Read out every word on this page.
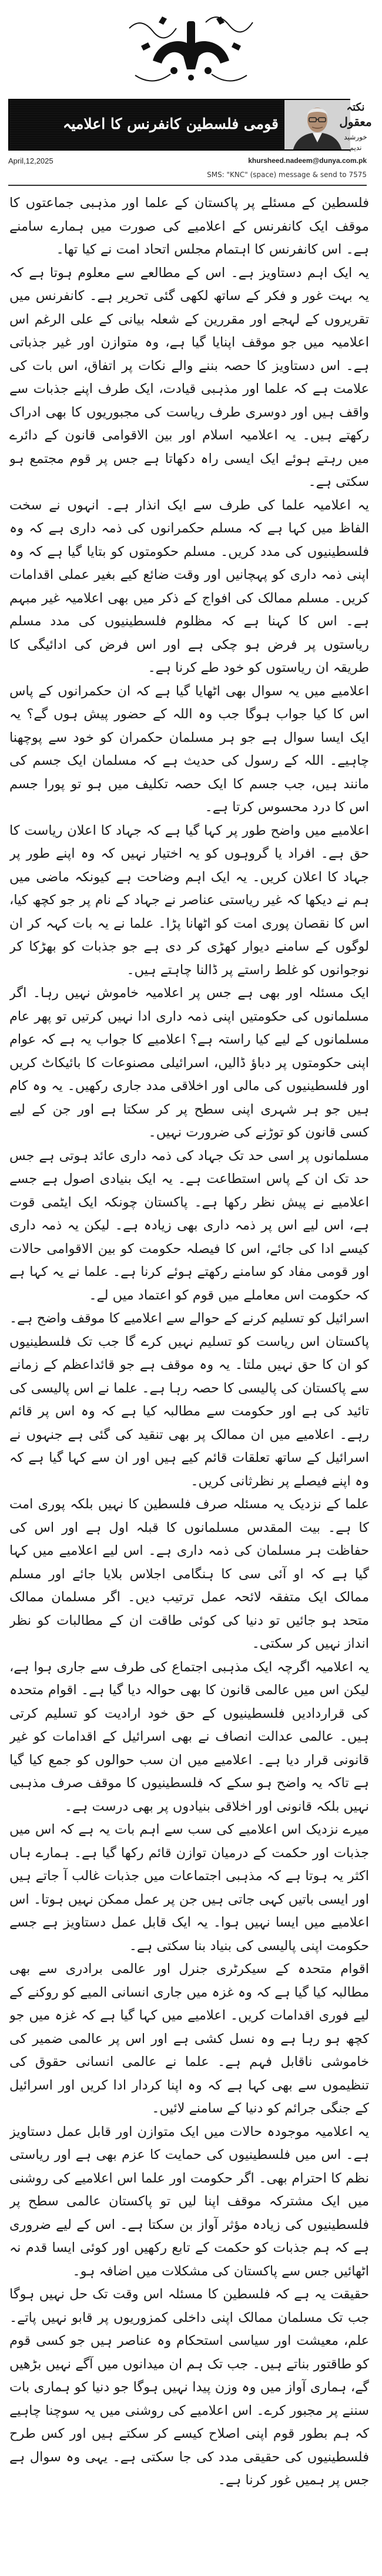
قومی فلسطین کانفرنس کا اعلامیہ
نکتہ
معقول
خورشید ندیم
April,12,2025	khursheed.nadeem@dunya.com.pk
SMS: "KNC" (space) message & send to 7575

فلسطین کے مسئلے پر پاکستان کے علما اور مذہبی جماعتوں کا موقف ایک کانفرنس کے اعلامیے کی صورت میں ہمارے سامنے ہے۔ اس کانفرنس کا اہتمام مجلس اتحاد امت نے کیا تھا۔

یہ ایک اہم دستاویز ہے۔ اس کے مطالعے سے معلوم ہوتا ہے کہ یہ بہت غور و فکر کے ساتھ لکھی گئی تحریر ہے۔ کانفرنس میں تقریروں کے لہجے اور مقررین کے شعلہ بیانی کے علی الرغم اس اعلامیہ میں جو موقف اپنایا گیا ہے، وہ متوازن اور غیر جذباتی ہے۔ اس دستاویز کا حصہ بننے والے نکات پر اتفاق، اس بات کی علامت ہے کہ علما اور مذہبی قیادت، ایک طرف اپنے جذبات سے واقف ہیں اور دوسری طرف ریاست کی مجبوریوں کا بھی ادراک رکھتے ہیں۔ یہ اعلامیہ اسلام اور بین الاقوامی قانون کے دائرے میں رہتے ہوئے ایک ایسی راہ دکھاتا ہے جس پر قوم مجتمع ہو سکتی ہے۔

یہ اعلامیہ علما کی طرف سے ایک انذار ہے۔ انہوں نے سخت الفاظ میں کہا ہے کہ مسلم حکمرانوں کی ذمہ داری ہے کہ وہ فلسطینیوں کی مدد کریں۔ مسلم حکومتوں کو بتایا گیا ہے کہ وہ اپنی ذمہ داری کو پہچانیں اور وقت ضائع کیے بغیر عملی اقدامات کریں۔ مسلم ممالک کی افواج کے ذکر میں بھی اعلامیہ غیر مبہم ہے۔ اس کا کہنا ہے کہ مظلوم فلسطینیوں کی مدد مسلم ریاستوں پر فرض ہو چکی ہے اور اس فرض کی ادائیگی کا طریقہ ان ریاستوں کو خود طے کرنا ہے۔

اعلامیے میں یہ سوال بھی اٹھایا گیا ہے کہ ان حکمرانوں کے پاس اس کا کیا جواب ہوگا جب وہ اللہ کے حضور پیش ہوں گے؟ یہ ایک ایسا سوال ہے جو ہر مسلمان حکمران کو خود سے پوچھنا چاہیے۔ اللہ کے رسول کی حدیث ہے کہ مسلمان ایک جسم کی مانند ہیں، جب جسم کا ایک حصہ تکلیف میں ہو تو پورا جسم اس کا درد محسوس کرتا ہے۔

اعلامیے میں واضح طور پر کہا گیا ہے کہ جہاد کا اعلان ریاست کا حق ہے۔ افراد یا گروہوں کو یہ اختیار نہیں کہ وہ اپنے طور پر جہاد کا اعلان کریں۔ یہ ایک اہم وضاحت ہے کیونکہ ماضی میں ہم نے دیکھا کہ غیر ریاستی عناصر نے جہاد کے نام پر جو کچھ کیا، اس کا نقصان پوری امت کو اٹھانا پڑا۔ علما نے یہ بات کہہ کر ان لوگوں کے سامنے دیوار کھڑی کر دی ہے جو جذبات کو بھڑکا کر نوجوانوں کو غلط راستے پر ڈالنا چاہتے ہیں۔

ایک مسئلہ اور بھی ہے جس پر اعلامیہ خاموش نہیں رہا۔ اگر مسلمانوں کی حکومتیں اپنی ذمہ داری ادا نہیں کرتیں تو پھر عام مسلمانوں کے لیے کیا راستہ ہے؟ اعلامیے کا جواب یہ ہے کہ عوام اپنی حکومتوں پر دباؤ ڈالیں، اسرائیلی مصنوعات کا بائیکاٹ کریں اور فلسطینیوں کی مالی اور اخلاقی مدد جاری رکھیں۔ یہ وہ کام ہیں جو ہر شہری اپنی سطح پر کر سکتا ہے اور جن کے لیے کسی قانون کو توڑنے کی ضرورت نہیں۔

مسلمانوں پر اسی حد تک جہاد کی ذمہ داری عائد ہوتی ہے جس حد تک ان کے پاس استطاعت ہے۔ یہ ایک بنیادی اصول ہے جسے اعلامیے نے پیش نظر رکھا ہے۔ پاکستان چونکہ ایک ایٹمی قوت ہے، اس لیے اس پر ذمہ داری بھی زیادہ ہے۔ لیکن یہ ذمہ داری کیسے ادا کی جائے، اس کا فیصلہ حکومت کو بین الاقوامی حالات اور قومی مفاد کو سامنے رکھتے ہوئے کرنا ہے۔ علما نے یہ کہا ہے کہ حکومت اس معاملے میں قوم کو اعتماد میں لے۔

اسرائیل کو تسلیم کرنے کے حوالے سے اعلامیے کا موقف واضح ہے۔ پاکستان اس ریاست کو تسلیم نہیں کرے گا جب تک فلسطینیوں کو ان کا حق نہیں ملتا۔ یہ وہ موقف ہے جو قائداعظم کے زمانے سے پاکستان کی پالیسی کا حصہ رہا ہے۔ علما نے اس پالیسی کی تائید کی ہے اور حکومت سے مطالبہ کیا ہے کہ وہ اس پر قائم رہے۔ اعلامیے میں ان ممالک پر بھی تنقید کی گئی ہے جنہوں نے اسرائیل کے ساتھ تعلقات قائم کیے ہیں اور ان سے کہا گیا ہے کہ وہ اپنے فیصلے پر نظرثانی کریں۔

علما کے نزدیک یہ مسئلہ صرف فلسطین کا نہیں بلکہ پوری امت کا ہے۔ بیت المقدس مسلمانوں کا قبلہ اول ہے اور اس کی حفاظت ہر مسلمان کی ذمہ داری ہے۔ اس لیے اعلامیے میں کہا گیا ہے کہ او آئی سی کا ہنگامی اجلاس بلایا جائے اور مسلم ممالک ایک متفقہ لائحہ عمل ترتیب دیں۔ اگر مسلمان ممالک متحد ہو جائیں تو دنیا کی کوئی طاقت ان کے مطالبات کو نظر انداز نہیں کر سکتی۔

یہ اعلامیہ اگرچہ ایک مذہبی اجتماع کی طرف سے جاری ہوا ہے، لیکن اس میں عالمی قانون کا بھی حوالہ دیا گیا ہے۔ اقوام متحدہ کی قراردادیں فلسطینیوں کے حق خود ارادیت کو تسلیم کرتی ہیں۔ عالمی عدالت انصاف نے بھی اسرائیل کے اقدامات کو غیر قانونی قرار دیا ہے۔ اعلامیے میں ان سب حوالوں کو جمع کیا گیا ہے تاکہ یہ واضح ہو سکے کہ فلسطینیوں کا موقف صرف مذہبی نہیں بلکہ قانونی اور اخلاقی بنیادوں پر بھی درست ہے۔

میرے نزدیک اس اعلامیے کی سب سے اہم بات یہ ہے کہ اس میں جذبات اور حکمت کے درمیان توازن قائم رکھا گیا ہے۔ ہمارے ہاں اکثر یہ ہوتا ہے کہ مذہبی اجتماعات میں جذبات غالب آ جاتے ہیں اور ایسی باتیں کہی جاتی ہیں جن پر عمل ممکن نہیں ہوتا۔ اس اعلامیے میں ایسا نہیں ہوا۔ یہ ایک قابل عمل دستاویز ہے جسے حکومت اپنی پالیسی کی بنیاد بنا سکتی ہے۔

اقوام متحدہ کے سیکرٹری جنرل اور عالمی برادری سے بھی مطالبہ کیا گیا ہے کہ وہ غزہ میں جاری انسانی المیے کو روکنے کے لیے فوری اقدامات کریں۔ اعلامیے میں کہا گیا ہے کہ غزہ میں جو کچھ ہو رہا ہے وہ نسل کشی ہے اور اس پر عالمی ضمیر کی خاموشی ناقابل فہم ہے۔ علما نے عالمی انسانی حقوق کی تنظیموں سے بھی کہا ہے کہ وہ اپنا کردار ادا کریں اور اسرائیل کے جنگی جرائم کو دنیا کے سامنے لائیں۔

یہ اعلامیہ موجودہ حالات میں ایک متوازن اور قابل عمل دستاویز ہے۔ اس میں فلسطینیوں کی حمایت کا عزم بھی ہے اور ریاستی نظم کا احترام بھی۔ اگر حکومت اور علما اس اعلامیے کی روشنی میں ایک مشترکہ موقف اپنا لیں تو پاکستان عالمی سطح پر فلسطینیوں کی زیادہ مؤثر آواز بن سکتا ہے۔ اس کے لیے ضروری ہے کہ ہم جذبات کو حکمت کے تابع رکھیں اور کوئی ایسا قدم نہ اٹھائیں جس سے پاکستان کی مشکلات میں اضافہ ہو۔

حقیقت یہ ہے کہ فلسطین کا مسئلہ اس وقت تک حل نہیں ہوگا جب تک مسلمان ممالک اپنی داخلی کمزوریوں پر قابو نہیں پاتے۔ علم، معیشت اور سیاسی استحکام وہ عناصر ہیں جو کسی قوم کو طاقتور بناتے ہیں۔ جب تک ہم ان میدانوں میں آگے نہیں بڑھیں گے، ہماری آواز میں وہ وزن پیدا نہیں ہوگا جو دنیا کو ہماری بات سننے پر مجبور کرے۔ اس اعلامیے کی روشنی میں یہ سوچنا چاہیے کہ ہم بطور قوم اپنی اصلاح کیسے کر سکتے ہیں اور کس طرح فلسطینیوں کی حقیقی مدد کی جا سکتی ہے۔ یہی وہ سوال ہے جس پر ہمیں غور کرنا ہے۔
